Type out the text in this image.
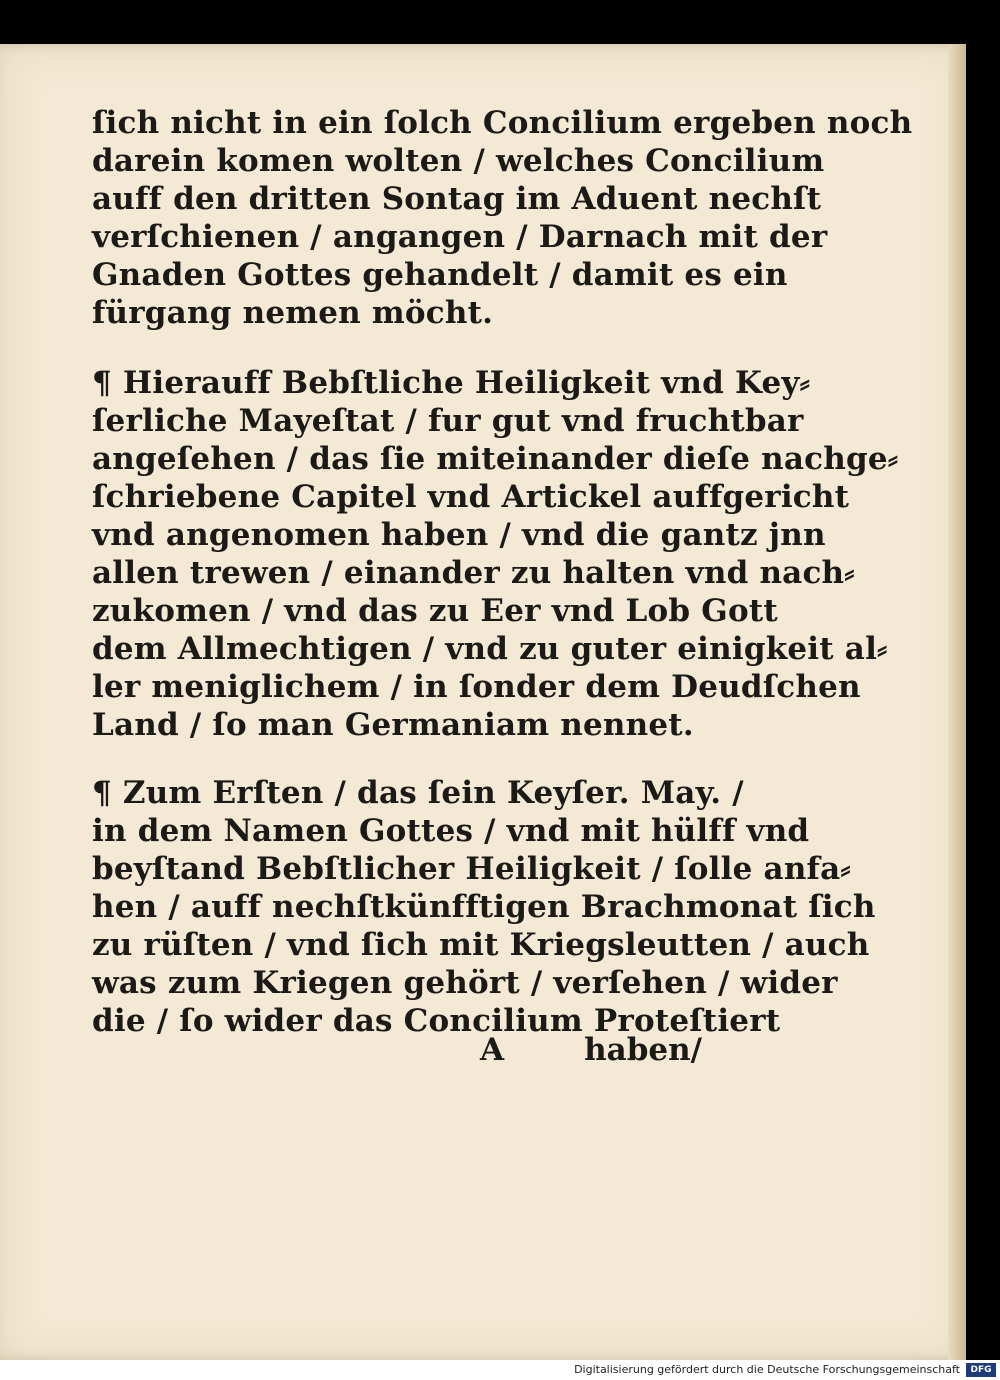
ſich nicht in ein ſolch Concilium ergeben noch
darein komen wolten / welches Concilium
auff den dritten Sontag im Aduent nechſt
verſchienen / angangen / Darnach mit der
Gnaden Gottes gehandelt / damit es ein
fürgang nemen möcht.
¶ Hierauff Bebſtliche Heiligkeit vnd Key⸗
ſerliche Mayeſtat / fur gut vnd fruchtbar
angeſehen / das ſie miteinander dieſe nachge⸗
ſchriebene Capitel vnd Artickel auffgericht
vnd angenomen haben / vnd die gantz jnn
allen trewen / einander zu halten vnd nach⸗
zukomen / vnd das zu Eer vnd Lob Gott
dem Allmechtigen / vnd zu guter einigkeit al⸗
ler meniglichem / in ſonder dem Deudſchen
Land / ſo man Germaniam nennet.
¶ Zum Erſten / das ſein Keyſer. May. /
in dem Namen Gottes / vnd mit hülff vnd
beyſtand Bebſtlicher Heiligkeit / ſolle anfa⸗
hen / auff nechſtkünfftigen Brachmonat ſich
zu rüſten / vnd ſich mit Kriegsleutten / auch
was zum Kriegen gehört / verſehen / wider
die / ſo wider das Concilium Proteſtiert
A	haben/
Digitalisierung gefördert durch die Deutsche Forschungsgemeinschaft	DFG
